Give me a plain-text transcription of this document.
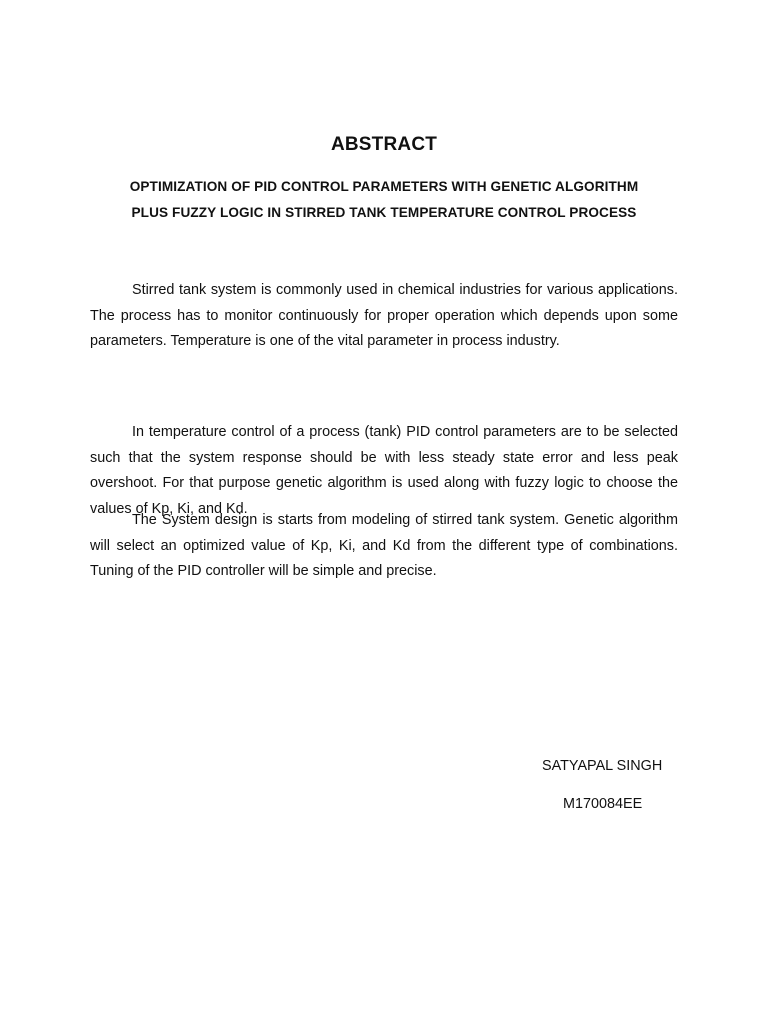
ABSTRACT
OPTIMIZATION OF PID CONTROL PARAMETERS WITH GENETIC ALGORITHM
PLUS FUZZY LOGIC IN STIRRED TANK TEMPERATURE CONTROL PROCESS

Stirred tank system is commonly used in chemical industries for various applications. The process has to monitor continuously for proper operation which depends upon some parameters. Temperature is one of the vital parameter in process industry.

In temperature control of a process (tank) PID control parameters are to be selected such that the system response should be with less steady state error and less peak overshoot. For that purpose genetic algorithm is used along with fuzzy logic to choose the values of Kp, Ki, and Kd.

The System design is starts from modeling of stirred tank system. Genetic algorithm will select an optimized value of Kp, Ki, and Kd from the different type of combinations. Tuning of the PID controller will be simple and precise.

SATYAPAL SINGH

M170084EE
